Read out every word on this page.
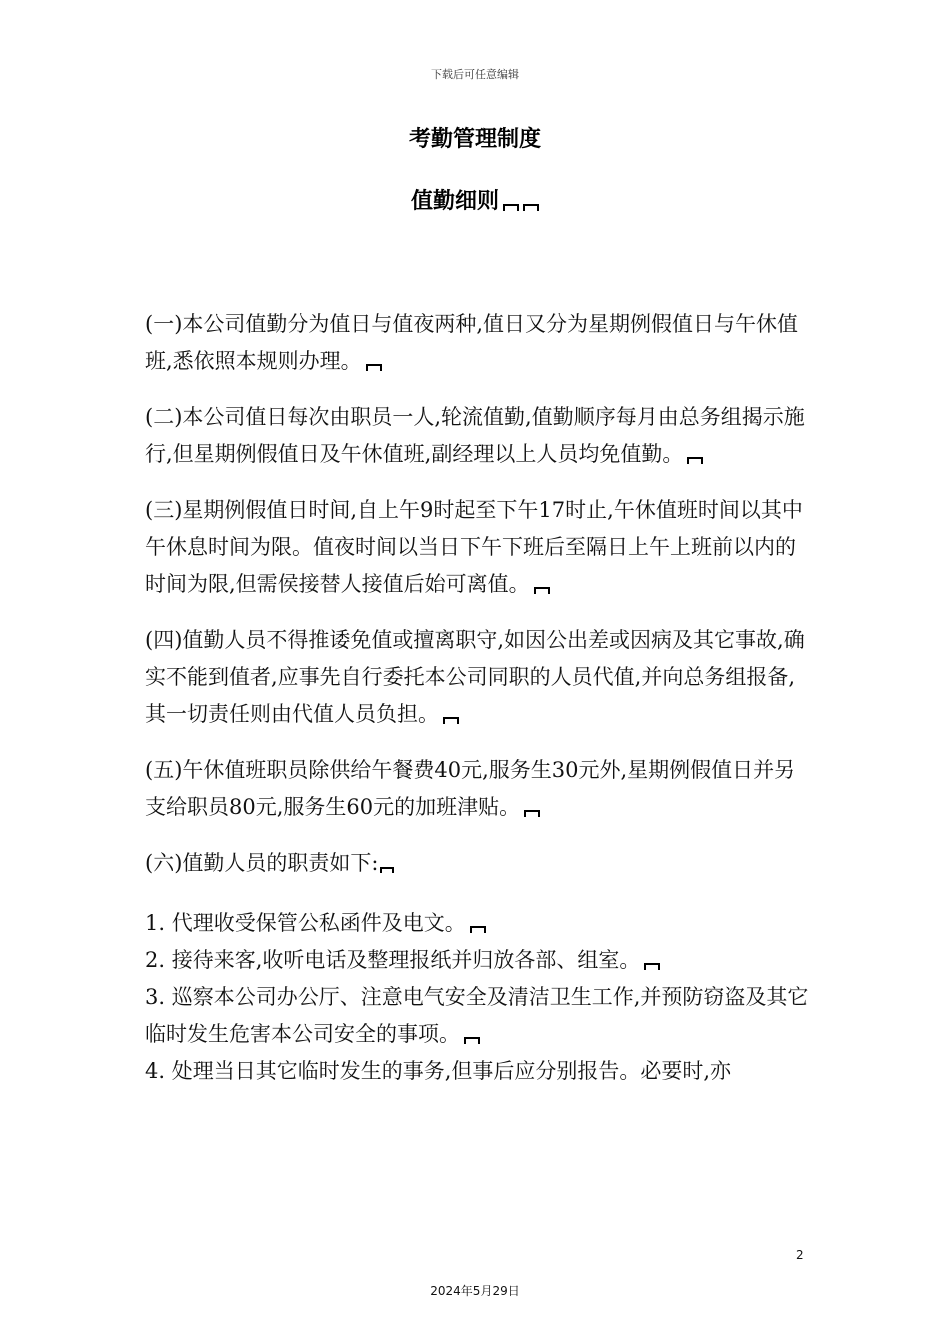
下载后可任意编辑
考勤管理制度
值勤细则

(一)本公司值勤分为值日与值夜两种,值日又分为星期例假值日与午休值班,悉依照本规则办理。

(二)本公司值日每次由职员一人,轮流值勤,值勤顺序每月由总务组揭示施行,但星期例假值日及午休值班,副经理以上人员均免值勤。

(三)星期例假值日时间,自上午9时起至下午17时止,午休值班时间以其中午休息时间为限。值夜时间以当日下午下班后至隔日上午上班前以内的时间为限,但需侯接替人接值后始可离值。

(四)值勤人员不得推诿免值或擅离职守,如因公出差或因病及其它事故,确实不能到值者,应事先自行委托本公司同职的人员代值,并向总务组报备,其一切责任则由代值人员负担。

(五)午休值班职员除供给午餐费40元,服务生30元外,星期例假值日并另支给职员80元,服务生60元的加班津贴。

(六)值勤人员的职责如下:

1. 代理收受保管公私函件及电文。

2. 接待来客,收听电话及整理报纸并归放各部、组室。

3. 巡察本公司办公厅、注意电气安全及清洁卫生工作,并预防窃盗及其它临时发生危害本公司安全的事项。

4. 处理当日其它临时发生的事务,但事后应分别报告。必要时,亦

2
2024年5月29日
